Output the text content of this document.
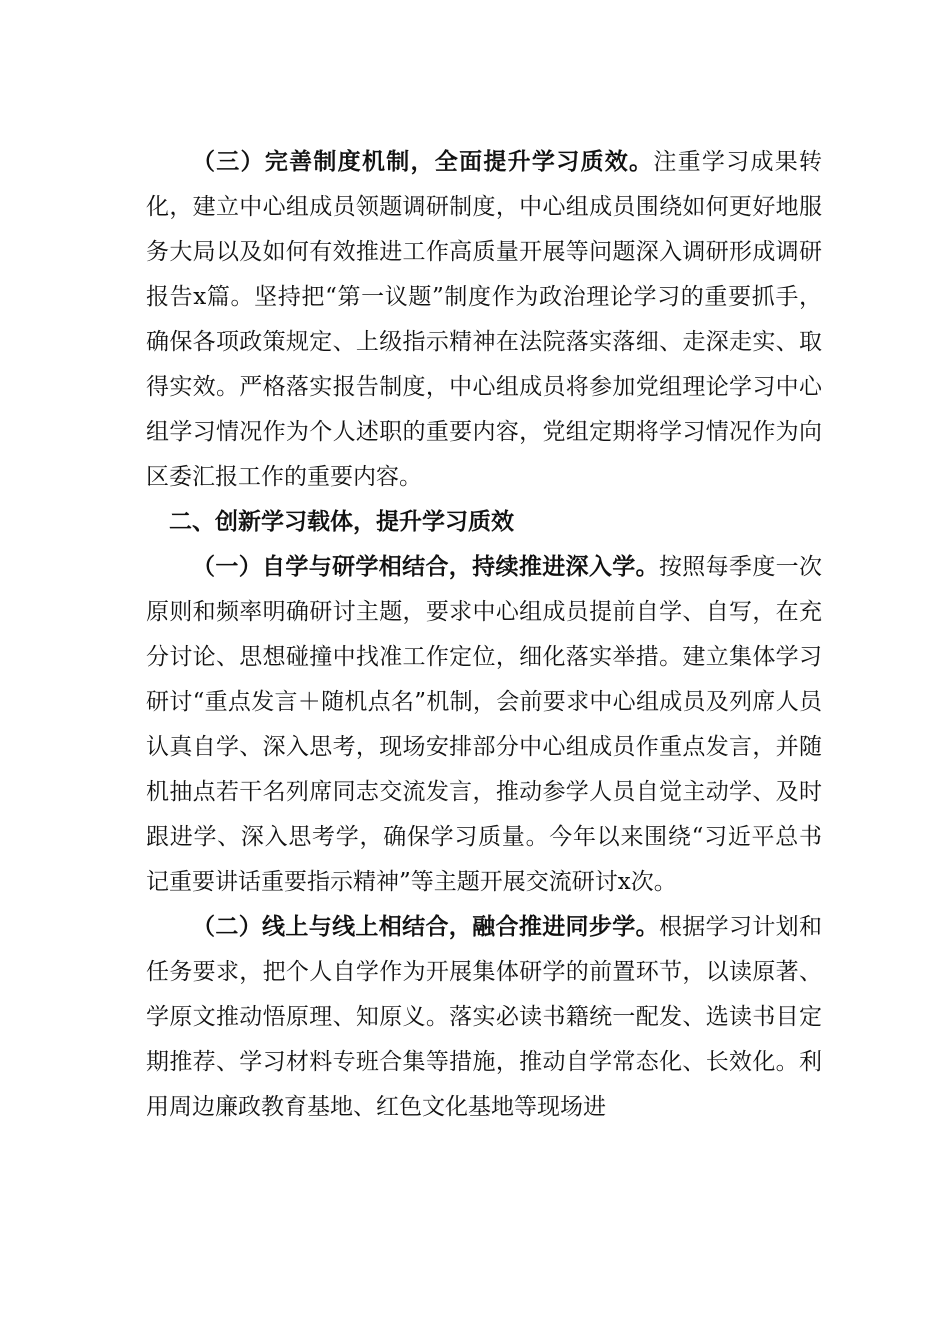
（三）完善制度机制，全面提升学习质效。注重学习成果转化，建立中心组成员领题调研制度，中心组成员围绕如何更好地服务大局以及如何有效推进工作高质量开展等问题深入调研形成调研报告x篇。坚持把“第一议题”制度作为政治理论学习的重要抓手，确保各项政策规定、上级指示精神在法院落实落细、走深走实、取得实效。严格落实报告制度，中心组成员将参加党组理论学习中心组学习情况作为个人述职的重要内容，党组定期将学习情况作为向区委汇报工作的重要内容。

二、创新学习载体，提升学习质效

（一）自学与研学相结合，持续推进深入学。按照每季度一次原则和频率明确研讨主题，要求中心组成员提前自学、自写，在充分讨论、思想碰撞中找准工作定位，细化落实举措。建立集体学习研讨“重点发言＋随机点名”机制，会前要求中心组成员及列席人员认真自学、深入思考，现场安排部分中心组成员作重点发言，并随机抽点若干名列席同志交流发言，推动参学人员自觉主动学、及时跟进学、深入思考学，确保学习质量。今年以来围绕“习近平总书记重要讲话重要指示精神”等主题开展交流研讨x次。

（二）线上与线上相结合，融合推进同步学。根据学习计划和任务要求，把个人自学作为开展集体研学的前置环节，以读原著、学原文推动悟原理、知原义。落实必读书籍统一配发、选读书目定期推荐、学习材料专班合集等措施，推动自学常态化、长效化。利用周边廉政教育基地、红色文化基地等现场进
